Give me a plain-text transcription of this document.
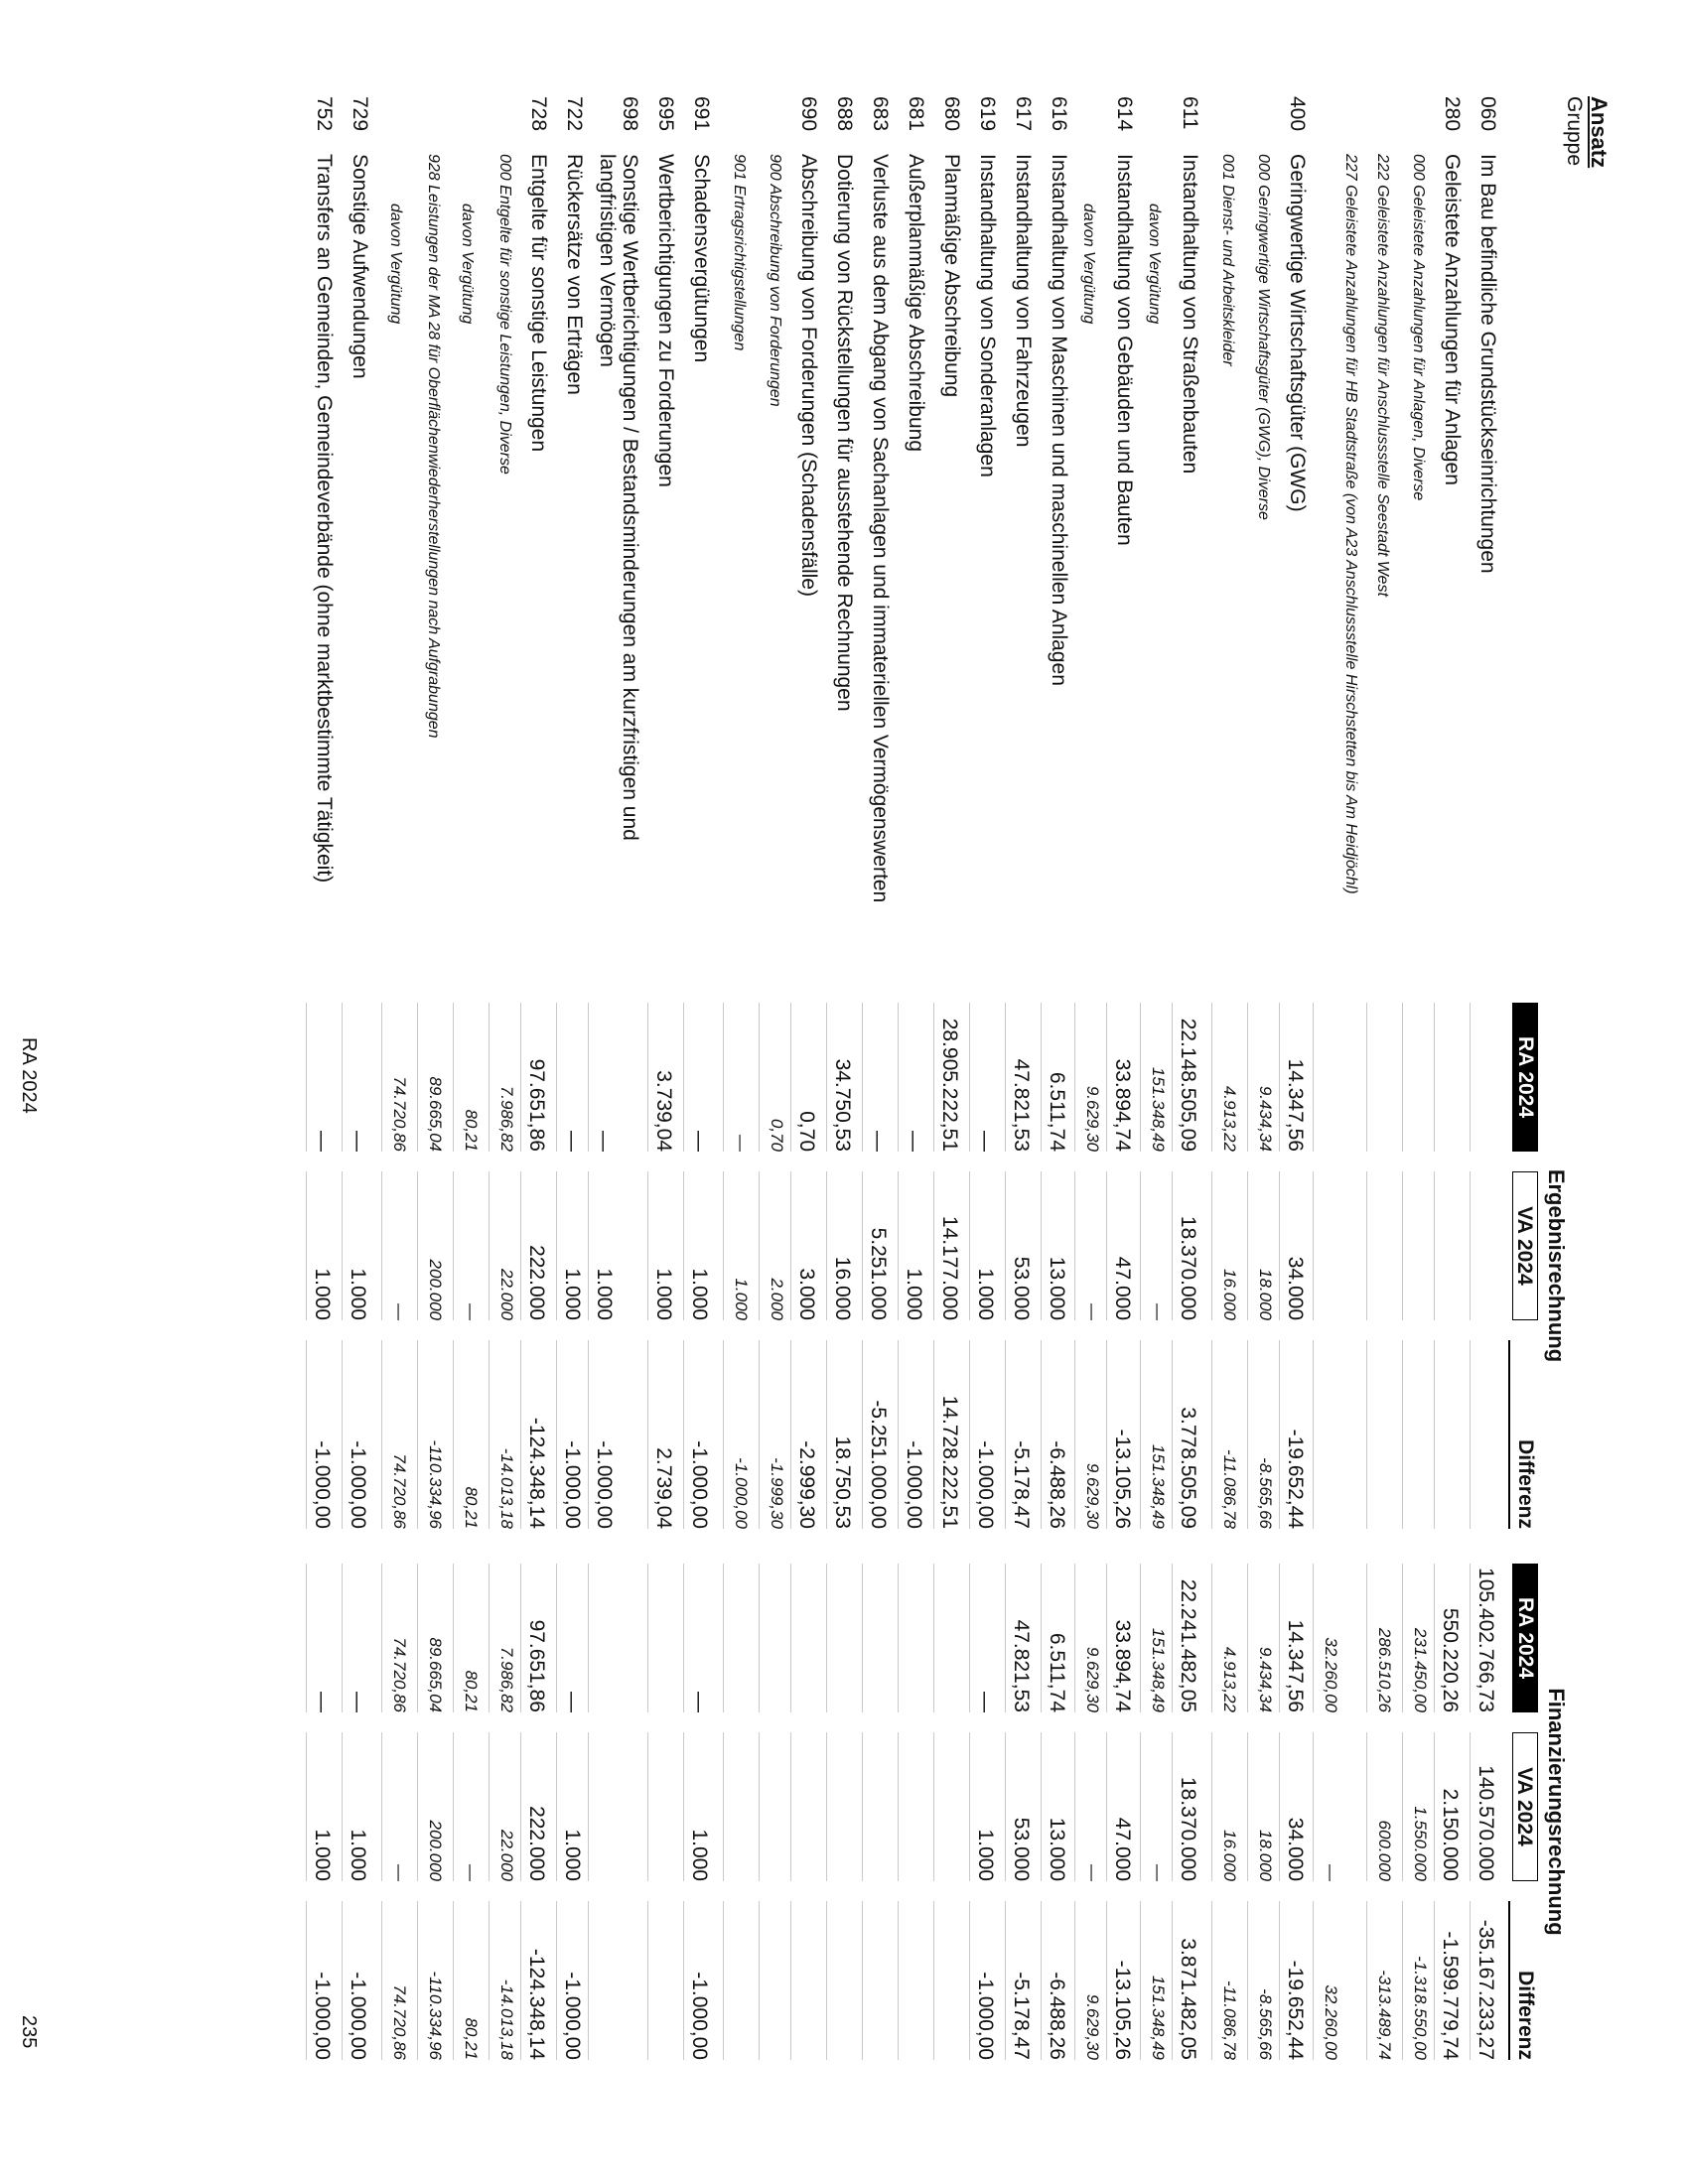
Ansatz
Gruppe
Ergebnisrechnung
Finanzierungsrechnung
RA 2024
VA 2024
Differenz
RA 2024
VA 2024
Differenz
060
Im Bau befindliche Grundstückseinrichtungen
105.402.766,73
140.570.000
-35.167.233,27
280
Geleistete Anzahlungen für Anlagen
550.220,26
2.150.000
-1.599.779,74
000 Geleistete Anzahlungen für Anlagen, Diverse
231.450,00
1.550.000
-1.318.550,00
222 Geleistete Anzahlungen für Anschlussstelle Seestadt West
286.510,26
600.000
-313.489,74
227 Geleistete Anzahlungen für HB Stadtstraße (von A23 Anschlussstelle Hirschstetten bis Am Heidjöchl)
32.260,00
—
32.260,00
400
Geringwertige Wirtschaftsgüter (GWG)
14.347,56
34.000
-19.652,44
14.347,56
34.000
-19.652,44
000 Geringwertige Wirtschaftsgüter (GWG), Diverse
9.434,34
18.000
-8.565,66
9.434,34
18.000
-8.565,66
001 Dienst- und Arbeitskleider
4.913,22
16.000
-11.086,78
4.913,22
16.000
-11.086,78
611
Instandhaltung von Straßenbauten
22.148.505,09
18.370.000
3.778.505,09
22.241.482,05
18.370.000
3.871.482,05
davon Vergütung
151.348,49
—
151.348,49
151.348,49
—
151.348,49
614
Instandhaltung von Gebäuden und Bauten
33.894,74
47.000
-13.105,26
33.894,74
47.000
-13.105,26
davon Vergütung
9.629,30
—
9.629,30
9.629,30
—
9.629,30
616
Instandhaltung von Maschinen und maschinellen Anlagen
6.511,74
13.000
-6.488,26
6.511,74
13.000
-6.488,26
617
Instandhaltung von Fahrzeugen
47.821,53
53.000
-5.178,47
47.821,53
53.000
-5.178,47
619
Instandhaltung von Sonderanlagen
—
1.000
-1.000,00
—
1.000
-1.000,00
680
Planmäßige Abschreibung
28.905.222,51
14.177.000
14.728.222,51
681
Außerplanmäßige Abschreibung
—
1.000
-1.000,00
683
Verluste aus dem Abgang von Sachanlagen und immateriellen Vermögenswerten
—
5.251.000
-5.251.000,00
688
Dotierung von Rückstellungen für ausstehende Rechnungen
34.750,53
16.000
18.750,53
690
Abschreibung von Forderungen (Schadensfälle)
0,70
3.000
-2.999,30
900 Abschreibung von Forderungen
0,70
2.000
-1.999,30
901 Ertragsrichtigstellungen
—
1.000
-1.000,00
691
Schadensvergütungen
—
1.000
-1.000,00
—
1.000
-1.000,00
695
Wertberichtigungen zu Forderungen
3.739,04
1.000
2.739,04
698
Sonstige Wertberichtigungen / Bestandsminderungen am kurzfristigen und langfristigen Vermögen
—
1.000
-1.000,00
722
Rückersätze von Erträgen
—
1.000
-1.000,00
—
1.000
-1.000,00
728
Entgelte für sonstige Leistungen
97.651,86
222.000
-124.348,14
97.651,86
222.000
-124.348,14
000 Entgelte für sonstige Leistungen, Diverse
7.986,82
22.000
-14.013,18
7.986,82
22.000
-14.013,18
davon Vergütung
80,21
—
80,21
80,21
—
80,21
928 Leistungen der MA 28 für Oberflächenwiederherstellungen nach Aufgrabungen
89.665,04
200.000
-110.334,96
89.665,04
200.000
-110.334,96
davon Vergütung
74.720,86
—
74.720,86
74.720,86
—
74.720,86
729
Sonstige Aufwendungen
—
1.000
-1.000,00
—
1.000
-1.000,00
752
Transfers an Gemeinden, Gemeindeverbände (ohne marktbestimmte Tätigkeit)
—
1.000
-1.000,00
—
1.000
-1.000,00
RA 2024
235
